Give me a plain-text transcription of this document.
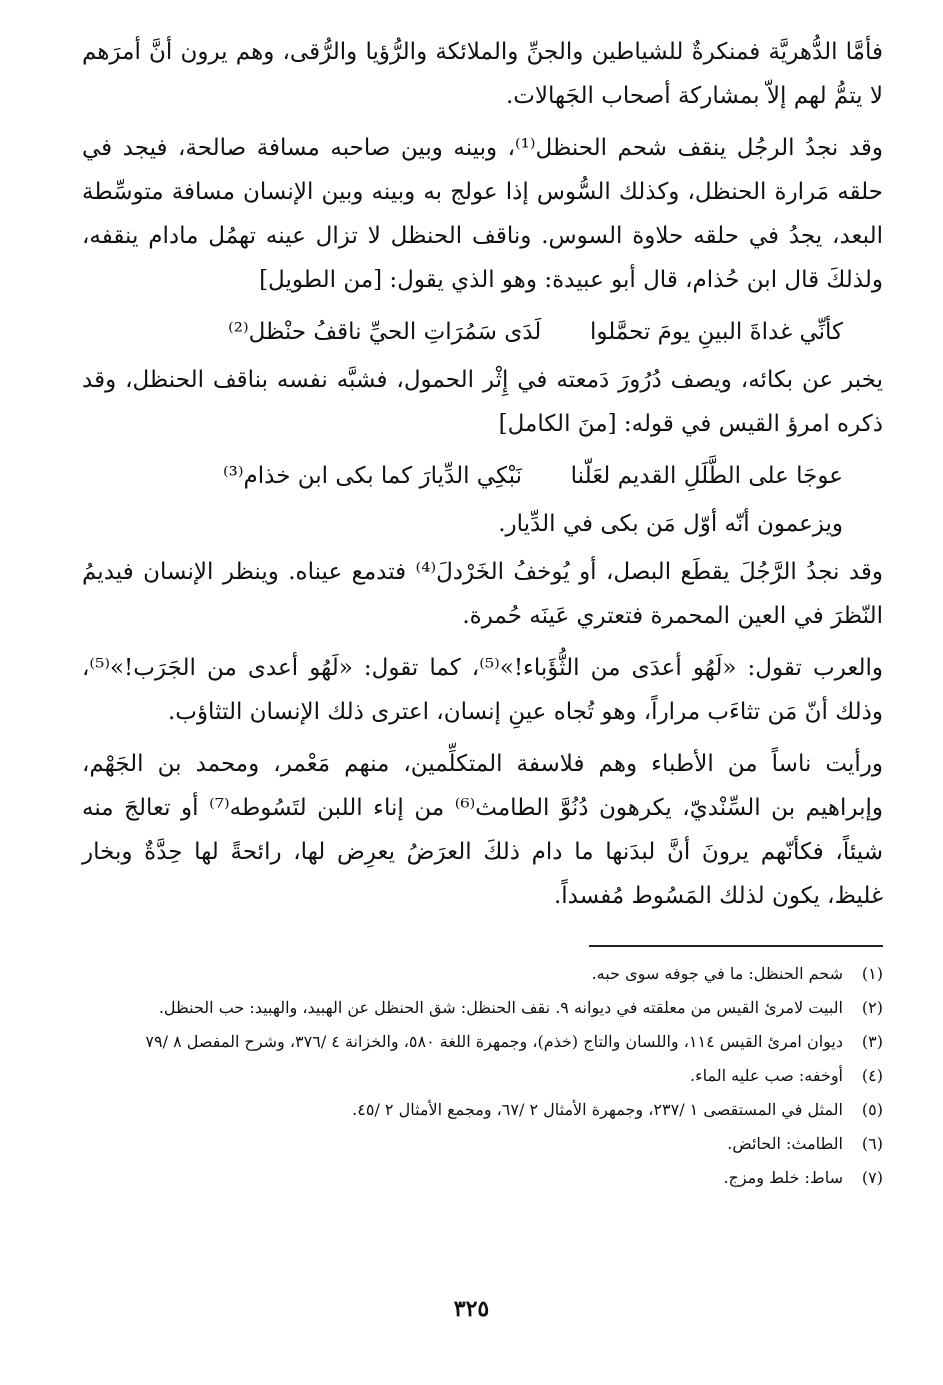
فأمَّا الدُّهريَّة فمنكرةٌ للشياطين والجنِّ والملائكة والرُّؤيا والرُّقى، وهم يرون أنَّ أمرَهم لا يتمُّ لهم إلاّ بمشاركة أصحاب الجَهالات.

وقد نجدُ الرجُل ينقف شحم الحنظل⁽¹⁾، وبينه وبين صاحبه مسافة صالحة، فيجد في حلقه مَرارة الحنظل، وكذلك السُّوس إذا عولج به وبينه وبين الإنسان مسافة متوسِّطة البعد، يجدُ في حلقه حلاوة السوس. وناقف الحنظل لا تزال عينه تهمُل مادام ينقفه، ولذلكَ قال ابن حُذام، قال أبو عبيدة: وهو الذي يقول: [من الطويل]

كأنِّي غداةَ البينِ يومَ تحمَّلوا  لَدَى سَمُرَاتِ الحيِّ ناقفُ حنْظل⁽²⁾

يخبر عن بكائه، ويصف دُرُورَ دَمعته في إِثْر الحمول، فشبَّه نفسه بناقف الحنظل، وقد ذكره امرؤ القيس في قوله: [منَ الكامل]

عوجَا على الطَّلَلِ القديم لعَلّنا  نَبْكِي الدِّيارَ كما بكى ابن خذام⁽³⁾
ويزعمون أنّه أوّل مَن بكى في الدِّيار.

وقد نجدُ الرَّجُلَ يقطَع البصل، أو يُوخفُ الخَرْدلَ⁽⁴⁾ فتدمع عيناه. وينظر الإنسان فيديمُ النّظرَ في العين المحمرة فتعتري عَينَه حُمرة.

والعرب تقول: «لَهُو أعدَى من الثُّؤَباء!»⁽⁵⁾، كما تقول: «لَهُو أعدى من الجَرَب!»⁽⁵⁾، وذلك أنّ مَن تثاءَب مراراً، وهو تُجاه عينِ إنسان، اعترى ذلك الإنسان التثاؤب.

ورأيت ناساً من الأطباء وهم فلاسفة المتكلِّمين، منهم مَعْمر، ومحمد بن الجَهْم، وإبراهيم بن السِّنْديّ، يكرهون دُنُوَّ الطامث⁽⁶⁾ من إناء اللبن لتَسُوطه⁽⁷⁾ أو تعالجَ منه شيئاً، فكأنّهم يرونَ أنَّ لبدَنها ما دام ذلكَ العرَضُ يعرِض لها، رائحةً لها حِدَّةٌ وبخار غليظ، يكون لذلك المَسُوط مُفسداً.

(١)
شحم الحنظل: ما في جوفه سوى حبه.
(٢)
البيت لامرئ القيس من معلقته في ديوانه ٩. نقف الحنظل: شق الحنظل عن الهبيد، والهبيد: حب الحنظل.
(٣)
ديوان امرئ القيس ١١٤، واللسان والتاج (خذم)، وجمهرة اللغة ٥٨٠، والخزانة ٤ /٣٧٦، وشرح المفصل ٨ /٧٩
(٤)
أوخفه: صب عليه الماء.
(٥)
المثل في المستقصى ١ /٢٣٧، وجمهرة الأمثال ٢ /٦٧، ومجمع الأمثال ٢ /٤٥.
(٦)
الطامث: الحائض.
(٧)
ساط: خلط ومزج.
٣٢٥
